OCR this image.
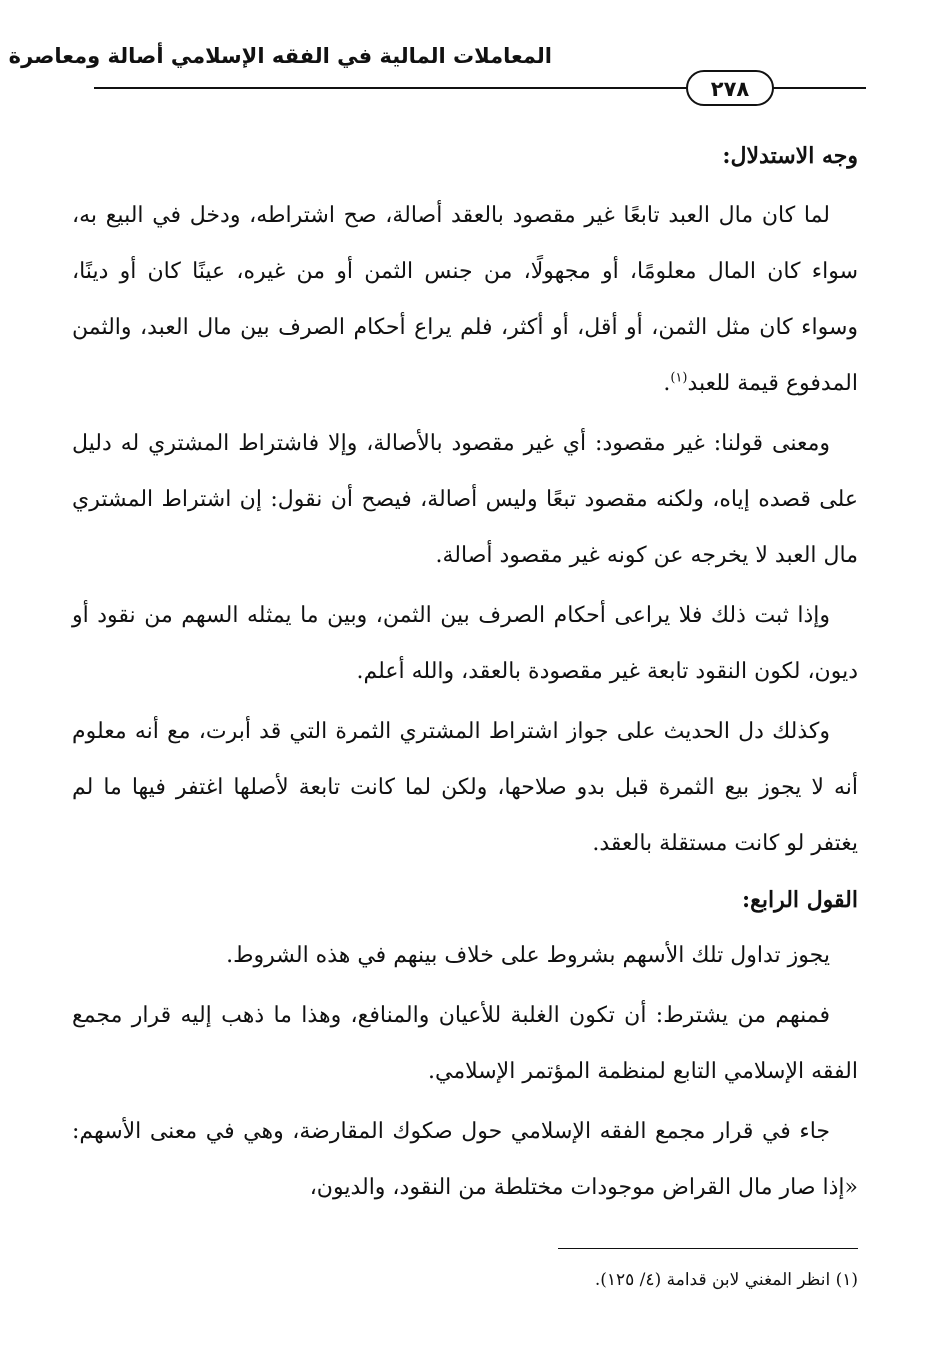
المعاملات المالية في الفقه الإسلامي أصالة ومعاصرة
٢٧٨

وجه الاستدلال:

لما كان مال العبد تابعًا غير مقصود بالعقد أصالة، صح اشتراطه، ودخل في البيع به، سواء كان المال معلومًا، أو مجهولًا، من جنس الثمن أو من غيره، عينًا كان أو دينًا، وسواء كان مثل الثمن، أو أقل، أو أكثر، فلم يراع أحكام الصرف بين مال العبد، والثمن المدفوع قيمة للعبد$^{(١)}$.

ومعنى قولنا: غير مقصود: أي غير مقصود بالأصالة، وإلا فاشتراط المشتري له دليل على قصده إياه، ولكنه مقصود تبعًا وليس أصالة، فيصح أن نقول: إن اشتراط المشتري مال العبد لا يخرجه عن كونه غير مقصود أصالة.

وإذا ثبت ذلك فلا يراعى أحكام الصرف بين الثمن، وبين ما يمثله السهم من نقود أو ديون، لكون النقود تابعة غير مقصودة بالعقد، والله أعلم.

وكذلك دل الحديث على جواز اشتراط المشتري الثمرة التي قد أبرت، مع أنه معلوم أنه لا يجوز بيع الثمرة قبل بدو صلاحها، ولكن لما كانت تابعة لأصلها اغتفر فيها ما لم يغتفر لو كانت مستقلة بالعقد.

القول الرابع:

يجوز تداول تلك الأسهم بشروط على خلاف بينهم في هذه الشروط.

فمنهم من يشترط: أن تكون الغلبة للأعيان والمنافع، وهذا ما ذهب إليه قرار مجمع الفقه الإسلامي التابع لمنظمة المؤتمر الإسلامي.

جاء في قرار مجمع الفقه الإسلامي حول صكوك المقارضة، وهي في معنى الأسهم: «إذا صار مال القراض موجودات مختلطة من النقود، والديون،

(١) انظر المغني لابن قدامة (٤/ ١٢٥).
